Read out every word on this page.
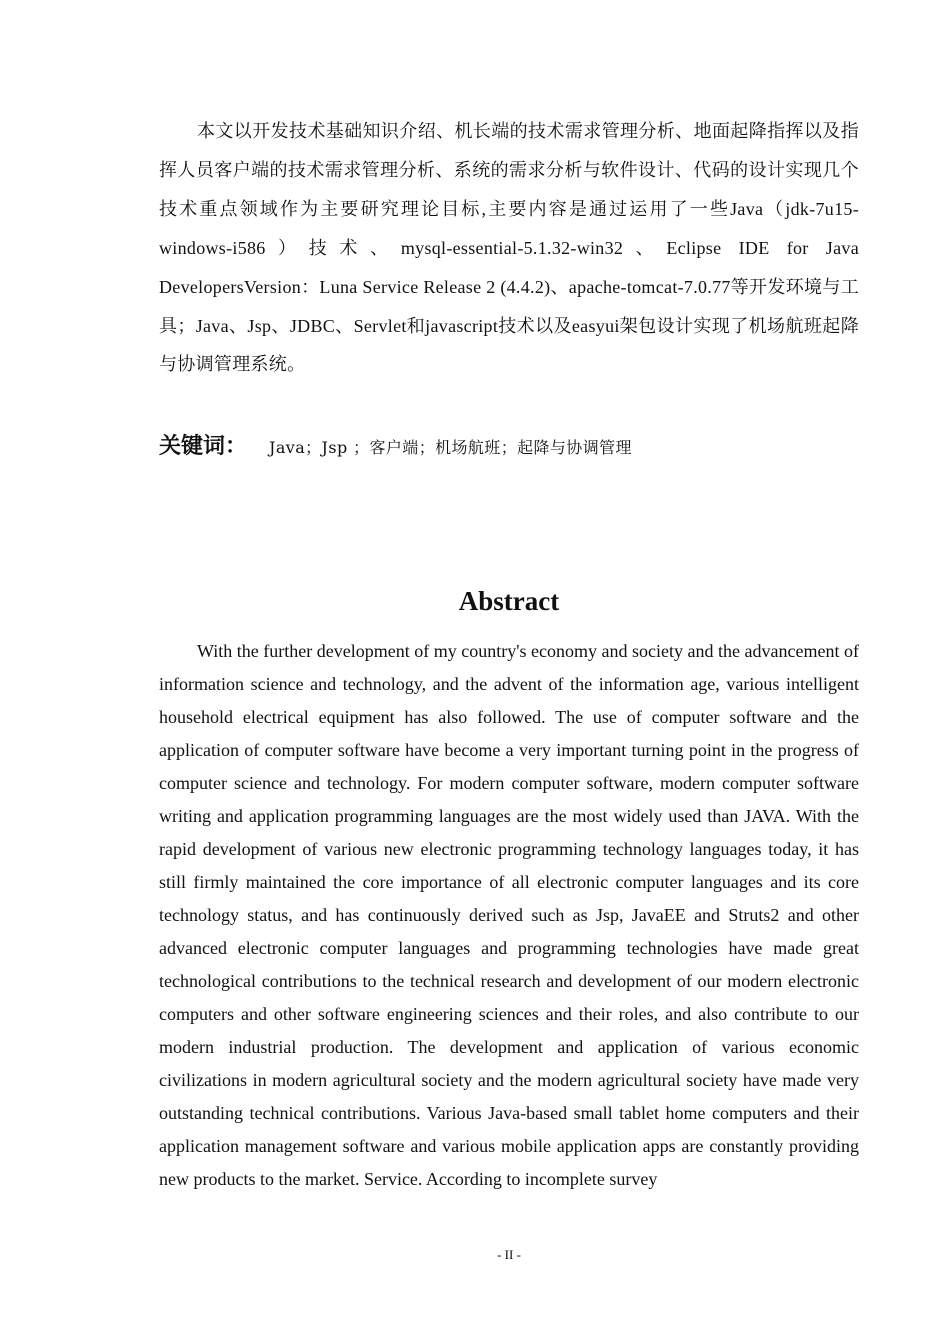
本文以开发技术基础知识介绍、机长端的技术需求管理分析、地面起降指挥以及指挥人员客户端的技术需求管理分析、系统的需求分析与软件设计、代码的设计实现几个技术重点领域作为主要研究理论目标,主要内容是通过运用了一些Java（jdk-7u15-windows-i586）技术、mysql-essential-5.1.32-win32、Eclipse IDE for Java DevelopersVersion：Luna Service Release 2 (4.4.2)、apache-tomcat-7.0.77等开发环境与工具；Java、Jsp、JDBC、Servlet和javascript技术以及easyui架包设计实现了机场航班起降与协调管理系统。

关键词： Java；Jsp ；客户端；机场航班；起降与协调管理
Abstract

With the further development of my country's economy and society and the advancement of information science and technology, and the advent of the information age, various intelligent household electrical equipment has also followed. The use of computer software and the application of computer software have become a very important turning point in the progress of computer science and technology. For modern computer software, modern computer software writing and application programming languages are the most widely used than JAVA. With the rapid development of various new electronic programming technology languages today, it has still firmly maintained the core importance of all electronic computer languages and its core technology status, and has continuously derived such as Jsp, JavaEE and Struts2 and other advanced electronic computer languages and programming technologies have made great technological contributions to the technical research and development of our modern electronic computers and other software engineering sciences and their roles, and also contribute to our modern industrial production. The development and application of various economic civilizations in modern agricultural society and the modern agricultural society have made very outstanding technical contributions. Various Java-based small tablet home computers and their application management software and various mobile application apps are constantly providing new products to the market. Service. According to incomplete survey

- II -
